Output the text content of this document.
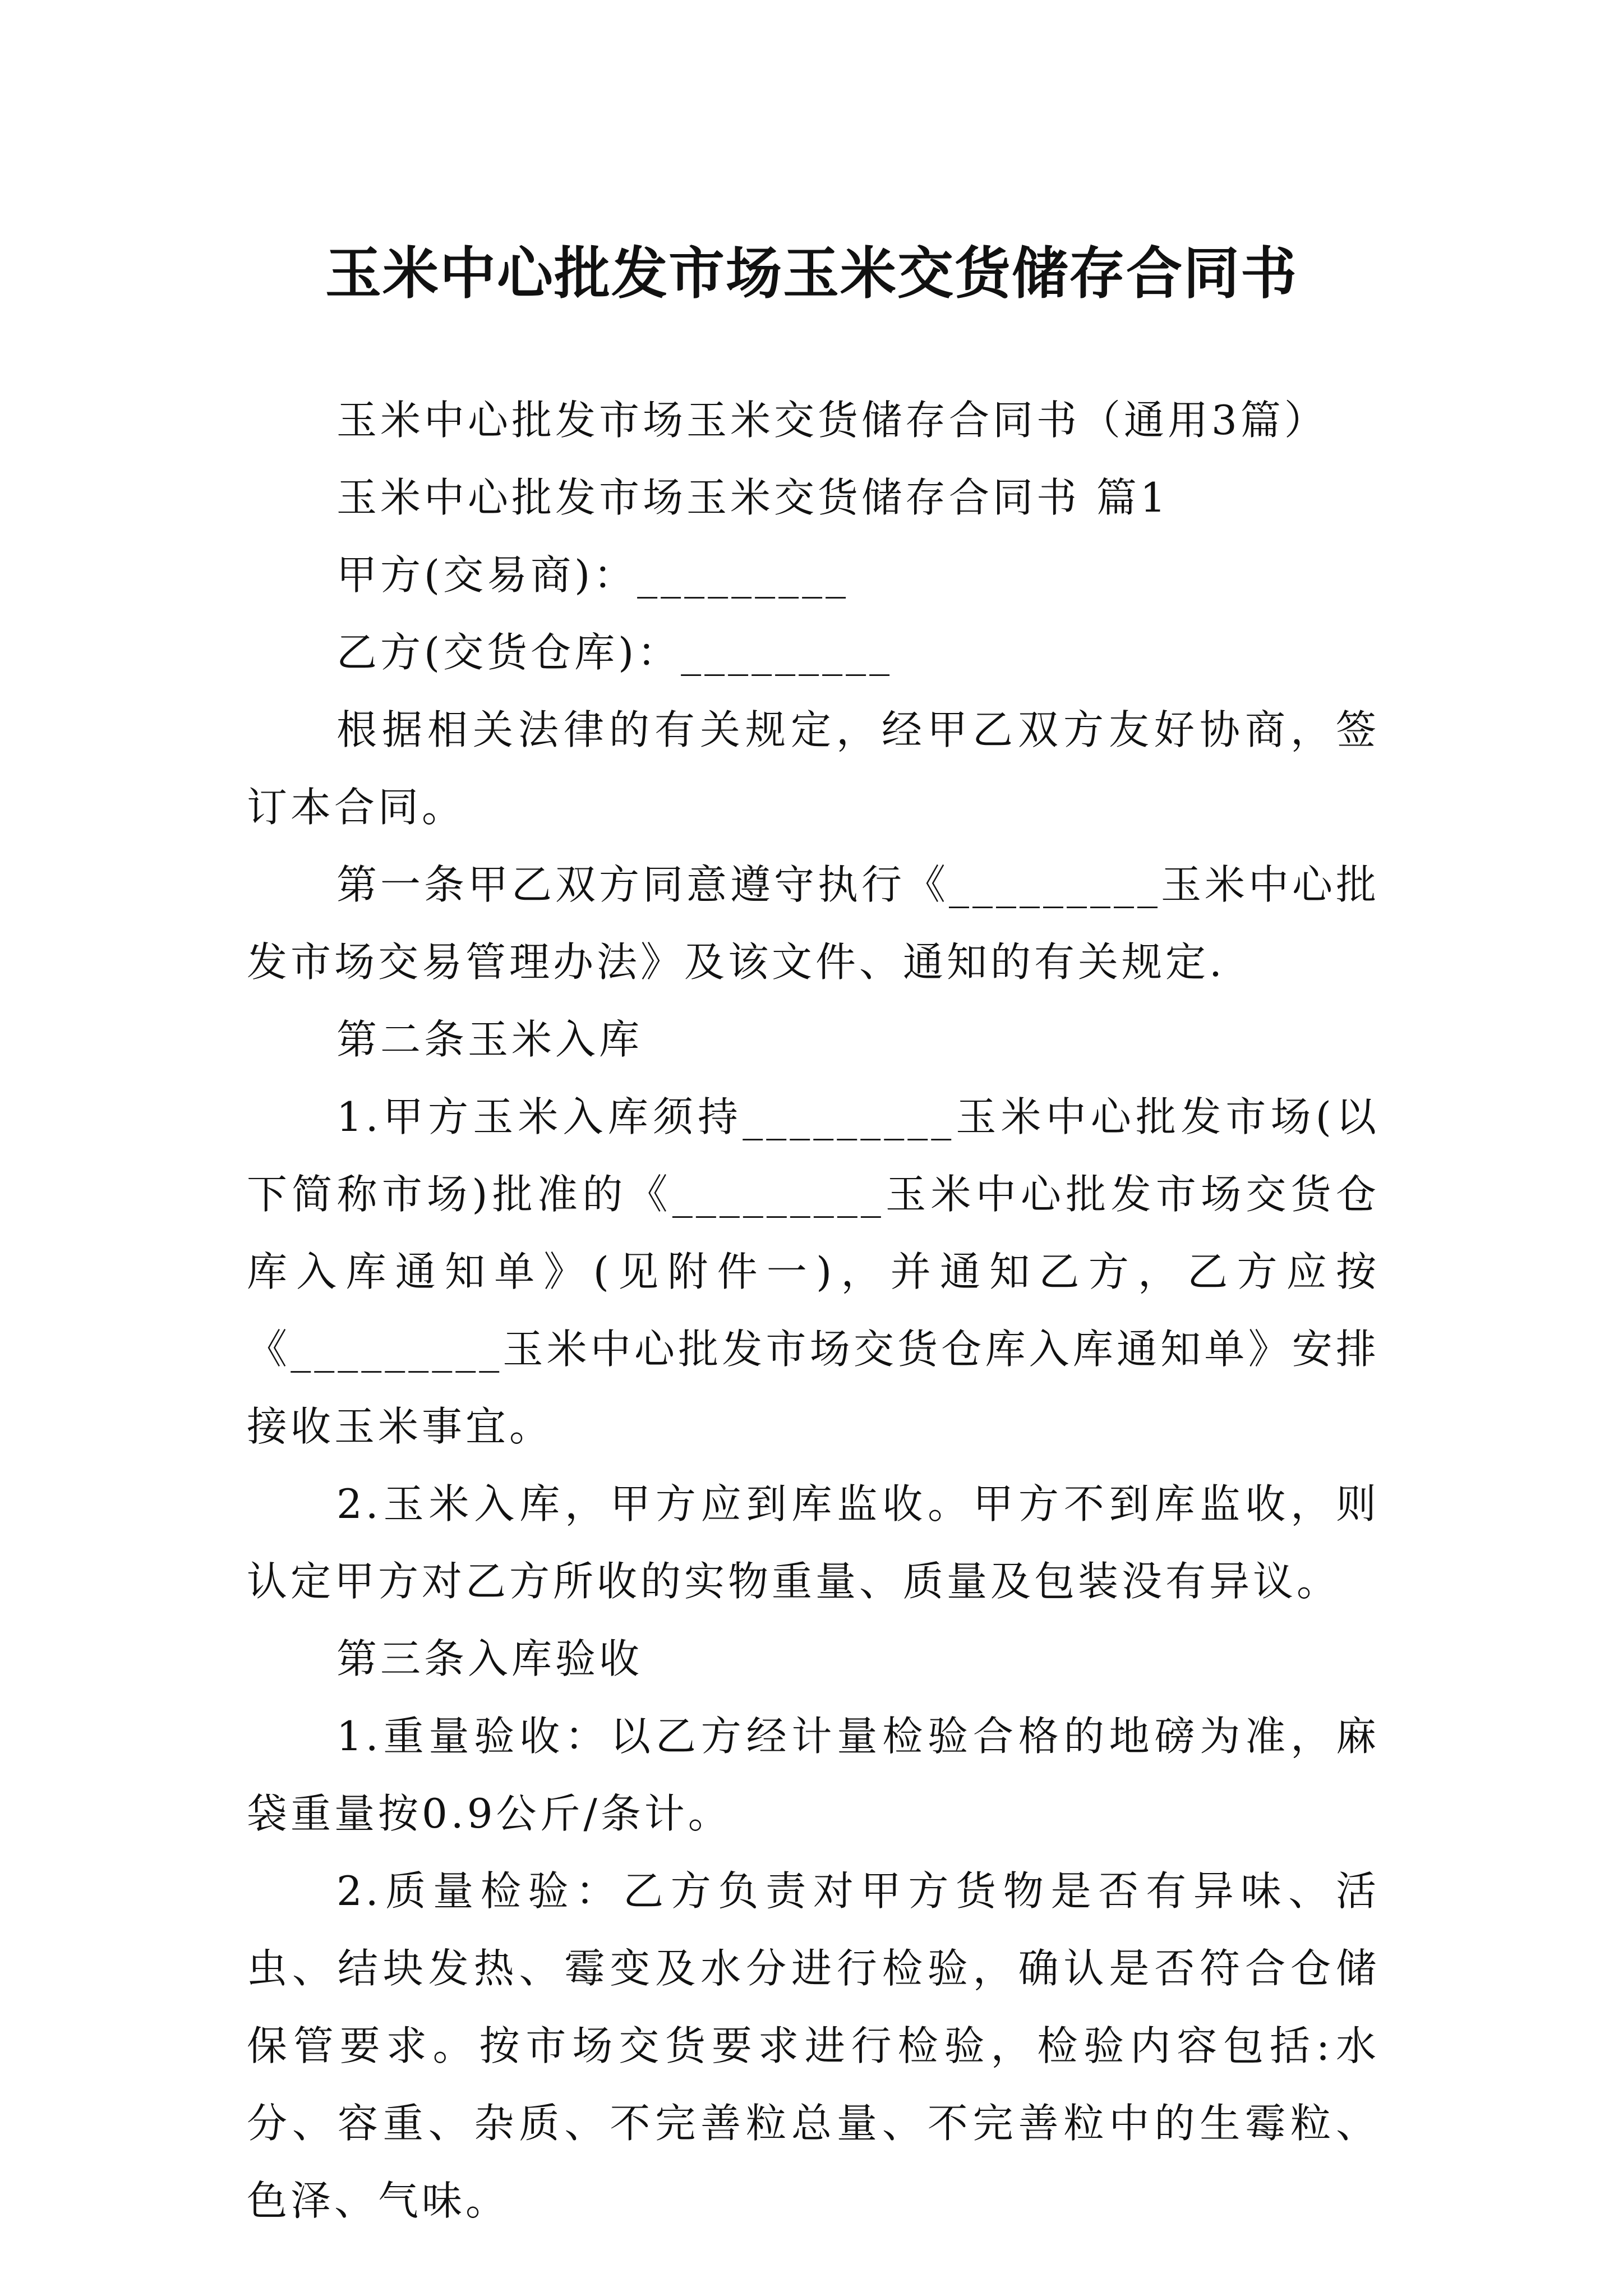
玉米中心批发市场玉米交货储存合同书

玉米中心批发市场玉米交货储存合同书（通用3篇）

玉米中心批发市场玉米交货储存合同书 篇1

甲方(交易商)：_________

乙方(交货仓库)：_________

根据相关法律的有关规定，经甲乙双方友好协商，签订本合同。

第一条甲乙双方同意遵守执行《_________玉米中心批发市场交易管理办法》及该文件、通知的有关规定.

第二条玉米入库

1.甲方玉米入库须持_________玉米中心批发市场(以下简称市场)批准的《_________玉米中心批发市场交货仓库入库通知单》(见附件一)，并通知乙方，乙方应按《_________玉米中心批发市场交货仓库入库通知单》安排接收玉米事宜。

2.玉米入库，甲方应到库监收。甲方不到库监收，则认定甲方对乙方所收的实物重量、质量及包装没有异议。

第三条入库验收

1.重量验收：以乙方经计量检验合格的地磅为准，麻袋重量按0.9公斤/条计。

2.质量检验：乙方负责对甲方货物是否有异味、活虫、结块发热、霉变及水分进行检验，确认是否符合仓储保管要求。按市场交货要求进行检验，检验内容包括:水分、容重、杂质、不完善粒总量、不完善粒中的生霉粒、色泽、气味。
